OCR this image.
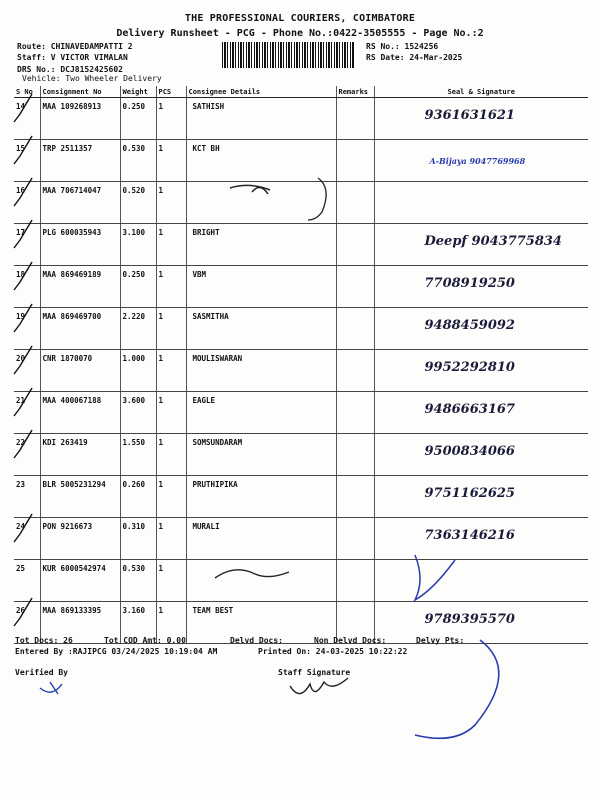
THE PROFESSIONAL COURIERS, COIMBATORE
Delivery Runsheet - PCG - Phone No.:0422-3505555 - Page No.:2
Route: CHINAVEDAMPATTI 2
Staff: V VICTOR VIMALAN
DRS No.: DCJ8152425602
Vehicle: Two Wheeler Delivery
RS No.: 1524256
RS Date: 24-Mar-2025
S No	Consignment No	Weight	PCS	Consignee Details	Remarks	Seal & Signature
14	MAA 109268913	0.250	1	SATHISH		9361631621

15	TRP 2511357	0.530	1	KCT BH		A-Bijaya 9047769968

16	MAA 706714047	0.520	1			

17	PLG 600035943	3.100	1	BRIGHT		Deepf 9043775834

18	MAA 869469189	0.250	1	VBM		7708919250

19	MAA 869469700	2.220	1	SASMITHA		9488459092

20	CNR 1870070	1.000	1	MOULISWARAN		9952292810

21	MAA 400067188	3.600	1	EAGLE		9486663167

22	KDI 263419	1.550	1	SOMSUNDARAM		9500834066

23	BLR 5005231294	0.260	1	PRUTHIPIKA		9751162625

24	PON 9216673	0.310	1	MURALI		7363146216

25	KUR 6000542974	0.530	1			

26	MAA 869133395	3.160	1	TEAM BEST		9789395570
Tot Docs: 26	Tot COD Amt: 0.00	Delvd Docs:	Non Delvd Docs:	Delvy Pts:
Entered By :RAJIPCG 03/24/2025 10:19:04 AM	Printed On: 24-03-2025 10:22:22
Verified By	Staff Signature
